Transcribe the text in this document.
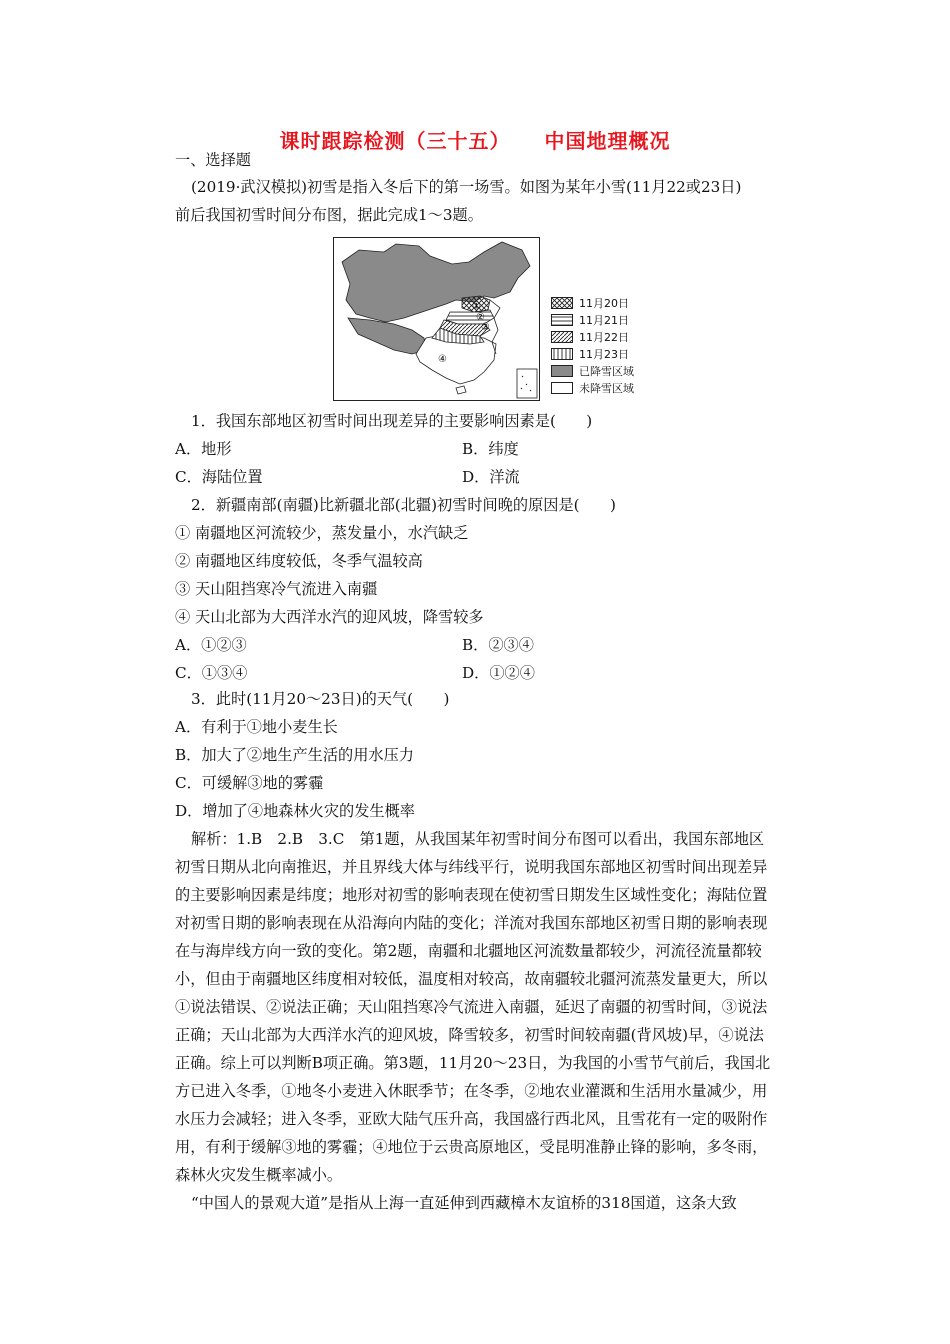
课时跟踪检测（三十五） 中国地理概况
一、选择题
(2019·武汉模拟)初雪是指入冬后下的第一场雪。如图为某年小雪(11月22或23日)
前后我国初雪时间分布图，据此完成1～3题。
①
②
③
④
11月20日
11月21日
11月22日
11月23日
已降雪区域
未降雪区域
1．我国东部地区初雪时间出现差异的主要影响因素是(　　)
A．地形	B．纬度
C．海陆位置	D．洋流
2．新疆南部(南疆)比新疆北部(北疆)初雪时间晚的原因是(　　)
① 南疆地区河流较少，蒸发量小，水汽缺乏
② 南疆地区纬度较低，冬季气温较高
③ 天山阻挡寒冷气流进入南疆
④ 天山北部为大西洋水汽的迎风坡，降雪较多
A．①②③	B．②③④
C．①③④	D．①②④
3．此时(11月20～23日)的天气(　　)
A．有利于①地小麦生长
B．加大了②地生产生活的用水压力
C．可缓解③地的雾霾
D．增加了④地森林火灾的发生概率
解析：1.B　2.B　3.C　第1题，从我国某年初雪时间分布图可以看出，我国东部地区
初雪日期从北向南推迟，并且界线大体与纬线平行，说明我国东部地区初雪时间出现差异
的主要影响因素是纬度；地形对初雪的影响表现在使初雪日期发生区域性变化；海陆位置
对初雪日期的影响表现在从沿海向内陆的变化；洋流对我国东部地区初雪日期的影响表现
在与海岸线方向一致的变化。第2题，南疆和北疆地区河流数量都较少，河流径流量都较
小，但由于南疆地区纬度相对较低，温度相对较高，故南疆较北疆河流蒸发量更大，所以
①说法错误、②说法正确；天山阻挡寒冷气流进入南疆，延迟了南疆的初雪时间，③说法
正确；天山北部为大西洋水汽的迎风坡，降雪较多，初雪时间较南疆(背风坡)早，④说法
正确。综上可以判断B项正确。第3题，11月20～23日，为我国的小雪节气前后，我国北
方已进入冬季，①地冬小麦进入休眠季节；在冬季，②地农业灌溉和生活用水量减少，用
水压力会减轻；进入冬季，亚欧大陆气压升高，我国盛行西北风，且雪花有一定的吸附作
用，有利于缓解③地的雾霾；④地位于云贵高原地区，受昆明准静止锋的影响，多冬雨，
森林火灾发生概率减小。
“中国人的景观大道”是指从上海一直延伸到西藏樟木友谊桥的318国道，这条大致
